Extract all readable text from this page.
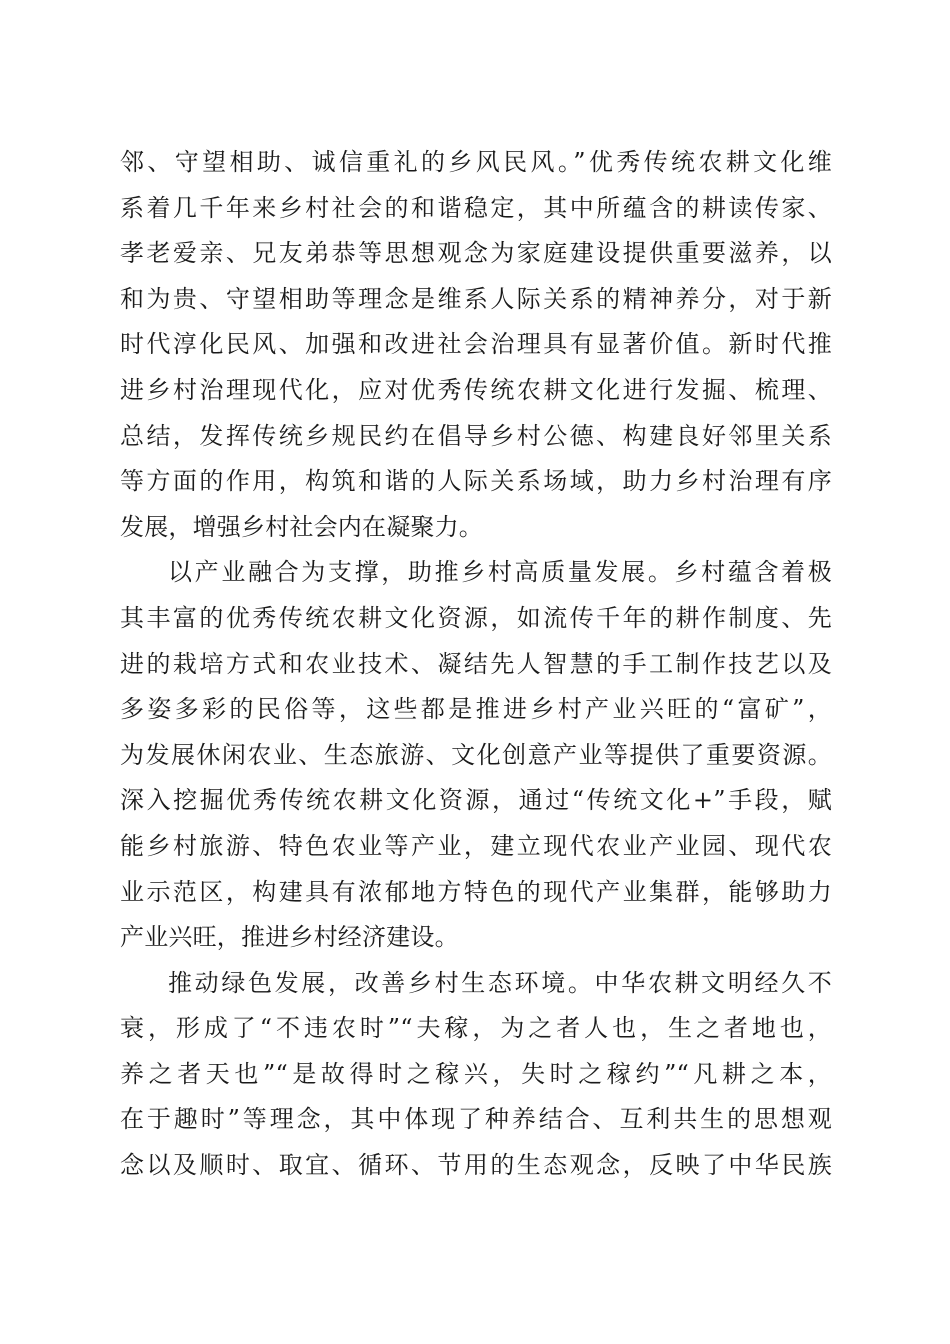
邻、守望相助、诚信重礼的乡风民风。”优秀传统农耕文化维
系着几千年来乡村社会的和谐稳定，其中所蕴含的耕读传家、
孝老爱亲、兄友弟恭等思想观念为家庭建设提供重要滋养，以
和为贵、守望相助等理念是维系人际关系的精神养分，对于新
时代淳化民风、加强和改进社会治理具有显著价值。新时代推
进乡村治理现代化，应对优秀传统农耕文化进行发掘、梳理、
总结，发挥传统乡规民约在倡导乡村公德、构建良好邻里关系
等方面的作用，构筑和谐的人际关系场域，助力乡村治理有序
发展，增强乡村社会内在凝聚力。
以产业融合为支撑，助推乡村高质量发展。乡村蕴含着极
其丰富的优秀传统农耕文化资源，如流传千年的耕作制度、先
进的栽培方式和农业技术、凝结先人智慧的手工制作技艺以及
多姿多彩的民俗等，这些都是推进乡村产业兴旺的“富矿”，
为发展休闲农业、生态旅游、文化创意产业等提供了重要资源。
深入挖掘优秀传统农耕文化资源，通过“传统文化+”手段，赋
能乡村旅游、特色农业等产业，建立现代农业产业园、现代农
业示范区，构建具有浓郁地方特色的现代产业集群，能够助力
产业兴旺，推进乡村经济建设。
推动绿色发展，改善乡村生态环境。中华农耕文明经久不
衰，形成了“不违农时”“夫稼，为之者人也，生之者地也，
养之者天也”“是故得时之稼兴，失时之稼约”“凡耕之本，
在于趣时”等理念，其中体现了种养结合、互利共生的思想观
念以及顺时、取宜、循环、节用的生态观念，反映了中华民族
